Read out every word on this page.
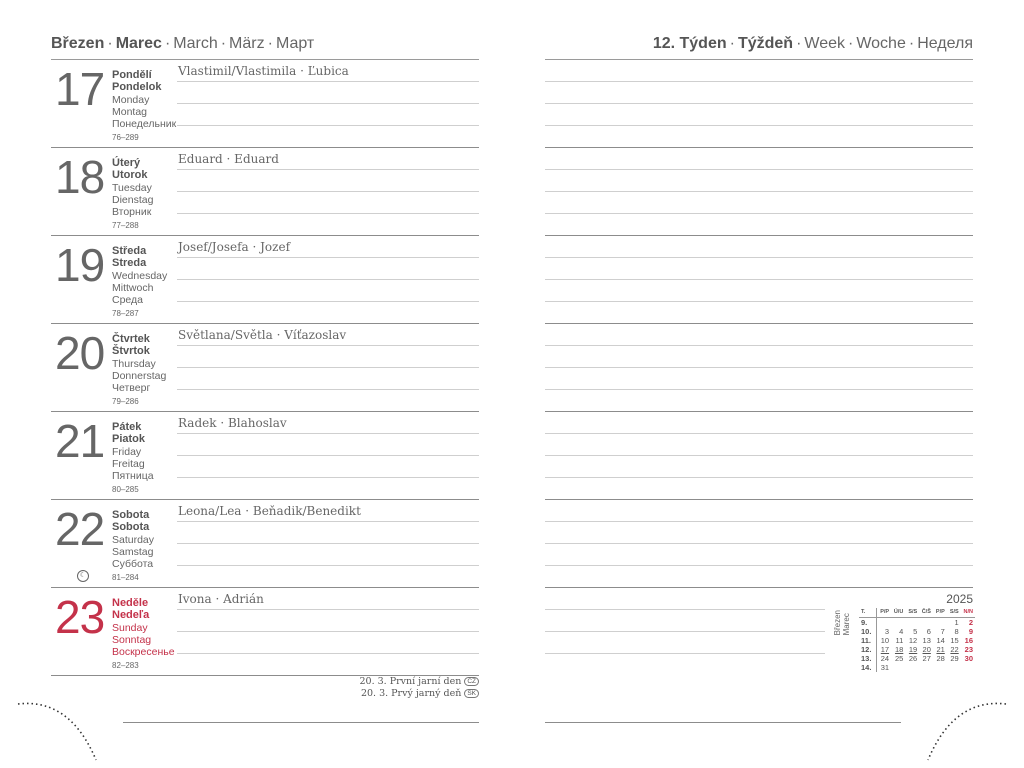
Březen · Marec · March · März · Март	12. Týden · Týždeň · Week · Woche · Неделя
17 Pondělí
Pondelok
Monday
Montag
Понедельник
76–289
Vlastimil/Vlastimila · Ľubica
18 Úterý
Utorok
Tuesday
Dienstag
Вторник
77–288
Eduard · Eduard
19 Středa
Streda
Wednesday
Mittwoch
Среда
78–287
Josef/Josefa · Jozef
20 Čtvrtek
Štvrtok
Thursday
Donnerstag
Четверг
79–286
Světlana/Světla · Víťazoslav
21 Pátek
Piatok
Friday
Freitag
Пятница
80–285
Radek · Blahoslav
22 Sobota
Sobota
Saturday
Samstag
Суббота
81–284
Leona/Lea · Beňadik/Benedikt
☾
23 Neděle
Nedeľa
Sunday
Sonntag
Воскресенье
82–283
Ivona · Adrián
20. 3. První jarní den CZ
20. 3. Prvý jarný deň SK
2025
Březen
Marec
T.	P/P	Ú/U	S/S	Č/Š	P/P	S/S	N/N
9.						1	2
10.	3	4	5	6	7	8	9
11.	10	11	12	13	14	15	16
12.	17	18	19	20	21	22	23
13.	24	25	26	27	28	29	30
14.	31						
